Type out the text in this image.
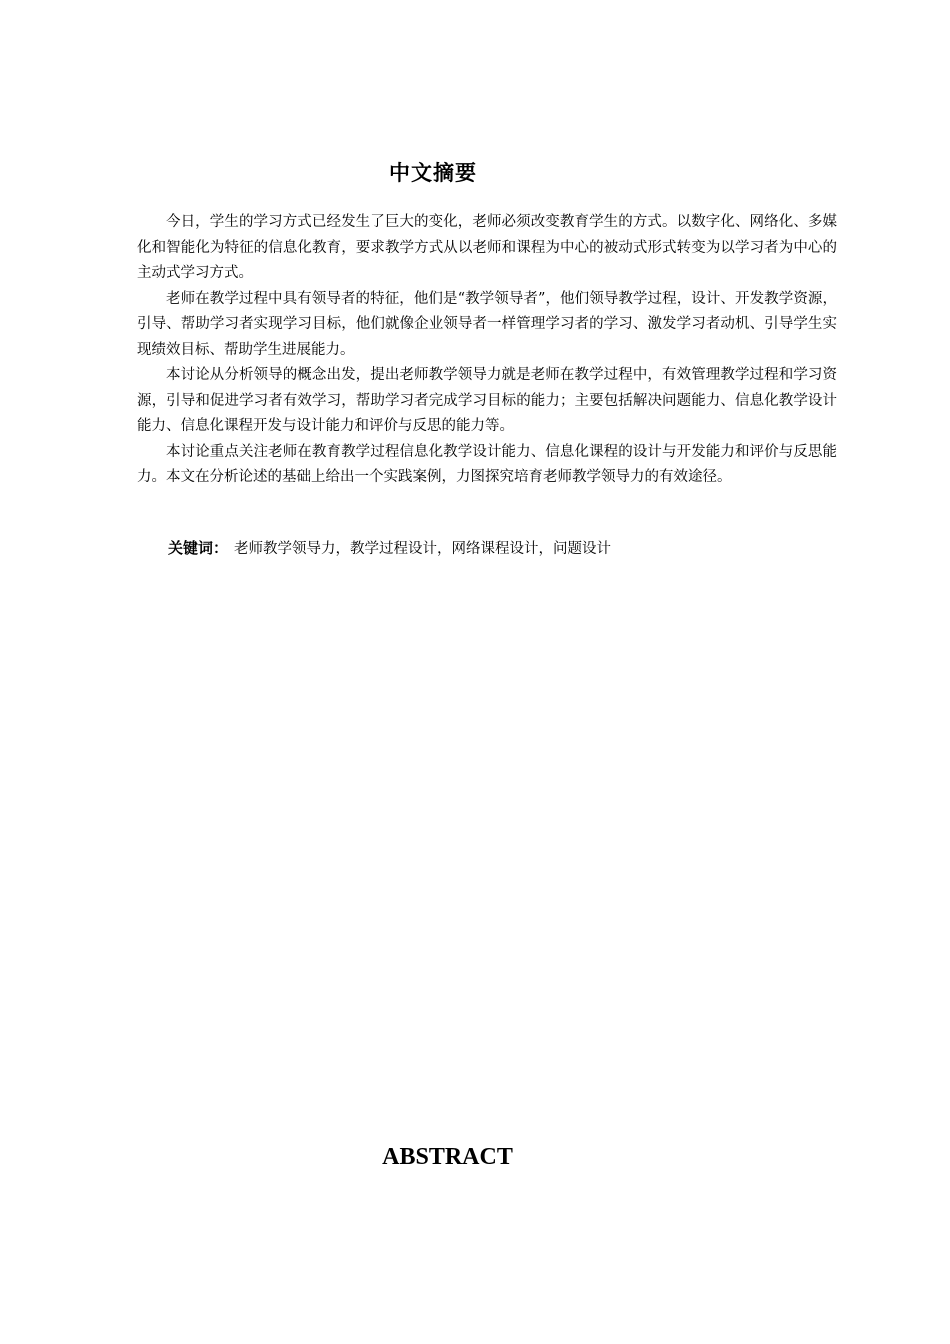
中文摘要

今日，学生的学习方式已经发生了巨大的变化，老师必须改变教育学生的方式。以数字化、网络化、多媒化和智能化为特征的信息化教育，要求教学方式从以老师和课程为中心的被动式形式转变为以学习者为中心的主动式学习方式。

老师在教学过程中具有领导者的特征，他们是“教学领导者”，他们领导教学过程，设计、开发教学资源，引导、帮助学习者实现学习目标，他们就像企业领导者一样管理学习者的学习、激发学习者动机、引导学生实现绩效目标、帮助学生进展能力。

本讨论从分析领导的概念出发，提出老师教学领导力就是老师在教学过程中，有效管理教学过程和学习资源，引导和促进学习者有效学习，帮助学习者完成学习目标的能力；主要包括解决问题能力、信息化教学设计能力、信息化课程开发与设计能力和评价与反思的能力等。

本讨论重点关注老师在教育教学过程信息化教学设计能力、信息化课程的设计与开发能力和评价与反思能力。本文在分析论述的基础上给出一个实践案例，力图探究培育老师教学领导力的有效途径。

关键词： 老师教学领导力，教学过程设计，网络课程设计，问题设计
ABSTRACT
